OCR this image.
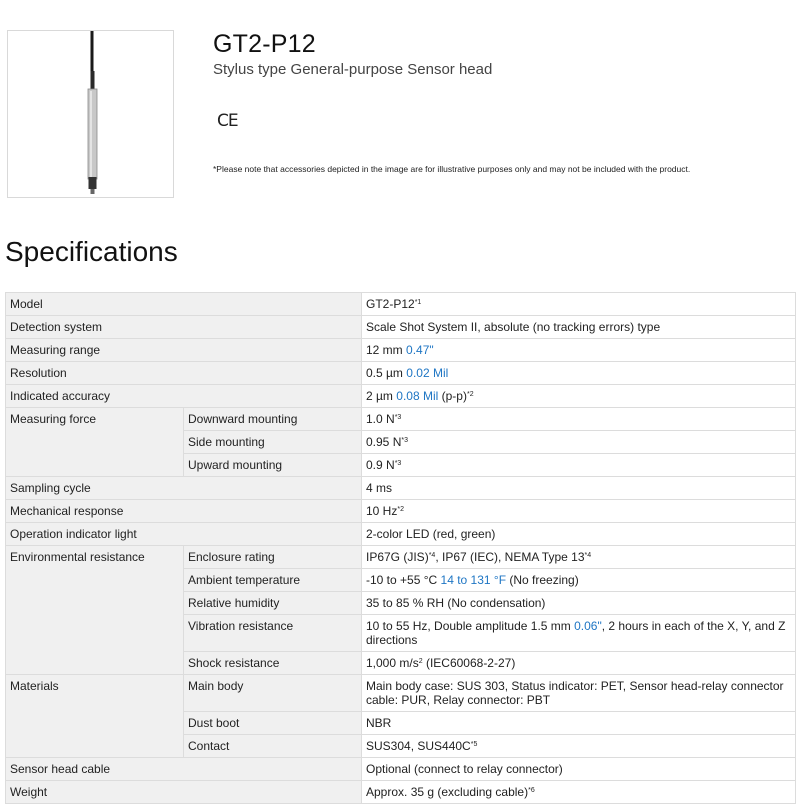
GT2-P12
Stylus type General-purpose Sensor head
CE
*Please note that accessories depicted in the image are for illustrative purposes only and may not be included with the product.
Specifications
Model		GT2-P12$^{*1}$
Detection system		Scale Shot System II, absolute (no tracking errors) type
Measuring range		12 mm 0.47"
Resolution		0.5 µm 0.02 Mil
Indicated accuracy		2 µm 0.08 Mil $(p-p)^{*2}$
Measuring force	Downward mounting	1.0 $N^{*3}$
	Side mounting	0.95 $N^{*3}$
	Upward mounting	0.9 $N^{*3}$
Sampling cycle		4 ms
Mechanical response		10 Hz$^{*2}$
Operation indicator light		2-color LED (red, green)
Environmental resistance	Enclosure rating	IP67G (JIS)$^{*4}$, IP67 (IEC), NEMA Type 13$^{*4}$
	Ambient temperature	-10 to +55 °C 14 to 131 °F (No freezing)
	Relative humidity	35 to 85 % RH (No condensation)
	Vibration resistance	10 to 55 Hz, Double amplitude 1.5 mm 0.06", 2 hours in each of the X, Y, and Z directions
	Shock resistance	1,000 $m/s^2$ (IEC60068-2-27)
Materials	Main body	Main body case: SUS 303, Status indicator: PET, Sensor head-relay connector cable: PUR, Relay connector: PBT
	Dust boot	NBR
	Contact	SUS304, $SUS440C^{*5}$
Sensor head cable		Optional (connect to relay connector)
Weight		Approx. 35 g (excluding cable)$^{*6}$
